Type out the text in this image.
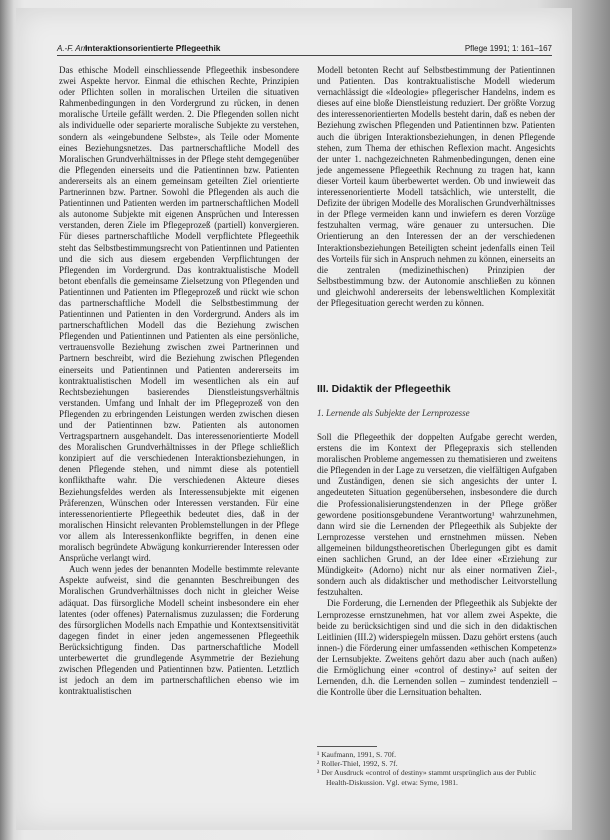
A.-F. Arn
Interaktionsorientierte Pflegeethik	Pflege 1991; 1: 161–167

Das ethische Modell einschliessende Pflegeethik insbesondere zwei Aspekte hervor. Einmal die ethischen Rechte, Prinzipien oder Pflichten sollen in moralischen Urteilen die situativen Rahmenbedingungen in den Vordergrund zu rücken, in denen moralische Urteile gefällt werden. 2. Die Pflegenden sollen nicht als individuelle oder separierte moralische Subjekte zu verstehen, sondern als «eingebundene Selbste», als Teile oder Momente eines Beziehungsnetzes. Das partnerschaftliche Modell des Moralischen Grundverhältnisses in der Pflege steht demgegenüber die Pflegenden einerseits und die Patientinnen bzw. Patienten andererseits als an einem gemeinsam geteilten Ziel orientierte Partnerinnen bzw. Partner. Sowohl die Pflegenden als auch die Patientinnen und Patienten werden im partnerschaftlichen Modell als autonome Subjekte mit eigenen Ansprüchen und Interessen verstanden, deren Ziele im Pflegeprozeß (partiell) konvergieren. Für dieses partnerschaftliche Modell verpflichtete Pflegeethik steht das Selbstbestimmungsrecht von Patientinnen und Patienten und die sich aus diesem ergebenden Verpflichtungen der Pflegenden im Vordergrund. Das kontraktualistische Modell betont ebenfalls die gemeinsame Zielsetzung von Pflegenden und Patientinnen und Patienten im Pflegeprozeß und rückt wie schon das partnerschaftliche Modell die Selbstbestimmung der Patientinnen und Patienten in den Vordergrund. Anders als im partnerschaftlichen Modell das die Beziehung zwischen Pflegenden und Patientinnen und Patienten als eine persönliche, vertrauensvolle Beziehung zwischen zwei Partnerinnen und Partnern beschreibt, wird die Beziehung zwischen Pflegenden einerseits und Patientinnen und Patienten andererseits im kontraktualistischen Modell im wesentlichen als ein auf Rechtsbeziehungen basierendes Dienstleistungsverhältnis verstanden. Umfang und Inhalt der im Pflegeprozeß von den Pflegenden zu erbringenden Leistungen werden zwischen diesen und der Patientinnen bzw. Patienten als autonomen Vertragspartnern ausgehandelt. Das interessenorientierte Modell des Moralischen Grundverhältnisses in der Pflege schließlich konzipiert auf die verschiedenen Interaktionsbeziehungen, in denen Pflegende stehen, und nimmt diese als potentiell konflikthafte wahr. Die verschiedenen Akteure dieses Beziehungsfeldes werden als Interessensubjekte mit eigenen Präferenzen, Wünschen oder Interessen verstanden. Für eine interessenorientierte Pflegeethik bedeutet dies, daß in der moralischen Hinsicht relevanten Problemstellungen in der Pflege vor allem als Interessenkonflikte begriffen, in denen eine moralisch begründete Abwägung konkurrierender Interessen oder Ansprüche verlangt wird.

Auch wenn jedes der benannten Modelle bestimmte relevante Aspekte aufweist, sind die genannten Beschreibungen des Moralischen Grundverhältnisses doch nicht in gleicher Weise adäquat. Das fürsorgliche Modell scheint insbesondere ein eher latentes (oder offenes) Paternalismus zuzulassen; die Forderung des fürsorglichen Modells nach Empathie und Kontextsensitivität dagegen findet in einer jeden angemessenen Pflegeethik Berücksichtigung finden. Das partnerschaftliche Modell unterbewertet die grundlegende Asymmetrie der Beziehung zwischen Pflegenden und Patientinnen bzw. Patienten. Letztlich ist jedoch an dem im partnerschaftlichen ebenso wie im kontraktualistischen

Modell betonten Recht auf Selbstbestimmung der Patientinnen und Patienten. Das kontraktualistische Modell wiederum vernachlässigt die «Ideologie» pflegerischer Handelns, indem es dieses auf eine bloße Dienstleistung reduziert. Der größte Vorzug des interessenorientierten Modells besteht darin, daß es neben der Beziehung zwischen Pflegenden und Patientinnen bzw. Patienten auch die übrigen Interaktionsbeziehungen, in denen Pflegende stehen, zum Thema der ethischen Reflexion macht. Angesichts der unter 1. nachgezeichneten Rahmenbedingungen, denen eine jede angemessene Pflegeethik Rechnung zu tragen hat, kann dieser Vorteil kaum überbewertet werden. Ob und inwieweit das interessenorientierte Modell tatsächlich, wie unterstellt, die Defizite der übrigen Modelle des Moralischen Grundverhältnisses in der Pflege vermeiden kann und inwiefern es deren Vorzüge festzuhalten vermag, wäre genauer zu untersuchen. Die Orientierung an den Interessen der an der verschiedenen Interaktionsbeziehungen Beteiligten scheint jedenfalls einen Teil des Vorteils für sich in Anspruch nehmen zu können, einerseits an die zentralen (medizinethischen) Prinzipien der Selbstbestimmung bzw. der Autonomie anschließen zu können und gleichwohl andererseits der lebensweltlichen Komplexität der Pflegesituation gerecht werden zu können.

III. Didaktik der Pflegeethik
1. Lernende als Subjekte der Lernprozesse

Soll die Pflegeethik der doppelten Aufgabe gerecht werden, erstens die im Kontext der Pflegepraxis sich stellenden moralischen Probleme angemessen zu thematisieren und zweitens die Pflegenden in der Lage zu versetzen, die vielfältigen Aufgaben und Zuständigen, denen sie sich angesichts der unter I. angedeuteten Situation gegenübersehen, insbesondere die durch die Professionalisierungstendenzen in der Pflege größer gewordene positionsgebundene Verantwortung¹ wahrzunehmen, dann wird sie die Lernenden der Pflegeethik als Subjekte der Lernprozesse verstehen und ernstnehmen müssen. Neben allgemeinen bildungstheoretischen Überlegungen gibt es damit einen sachlichen Grund, an der Idee einer «Erziehung zur Mündigkeit» (Adorno) nicht nur als einer normativen Ziel-, sondern auch als didaktischer und methodischer Leitvorstellung festzuhalten.

Die Forderung, die Lernenden der Pflegeethik als Subjekte der Lernprozesse ernstzunehmen, hat vor allem zwei Aspekte, die beide zu berücksichtigen sind und die sich in den didaktischen Leitlinien (III.2) widerspiegeln müssen. Dazu gehört erstens (auch innen-) die Förderung einer umfassenden «ethischen Kompetenz» der Lernsubjekte. Zweitens gehört dazu aber auch (nach außen) die Ermöglichung einer «control of destiny»² auf seiten der Lernenden, d.h. die Lernenden sollen – zumindest tendenziell – die Kontrolle über die Lernsituation behalten.

¹ Kaufmann, 1991, S. 70f.

² Roller-Thiel, 1992, S. 7f.

³ Der Ausdruck «control of destiny» stammt ursprünglich aus der Public Health-Diskussion. Vgl. etwa: Syme, 1981.
